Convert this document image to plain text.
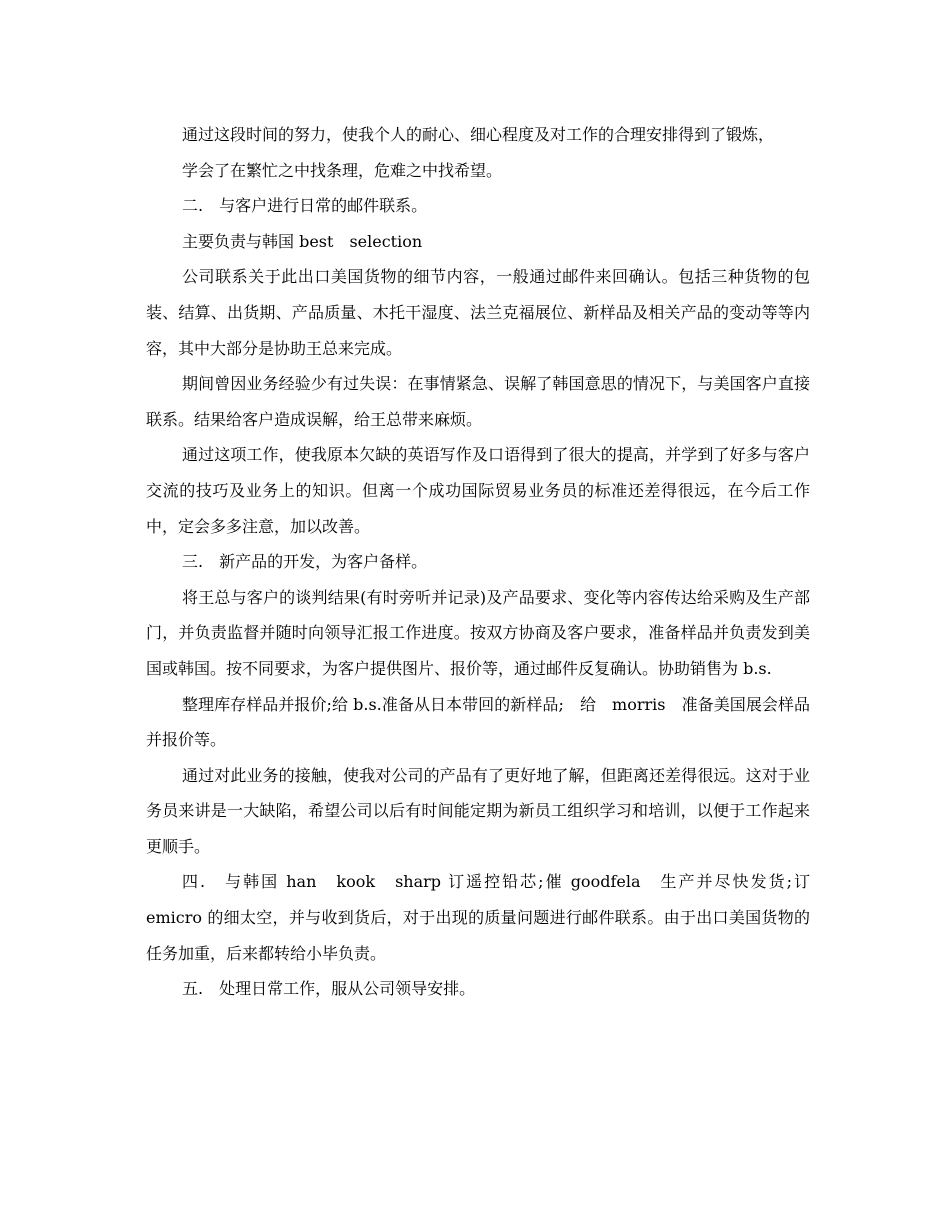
通过这段时间的努力，使我个人的耐心、细心程度及对工作的合理安排得到了锻炼，

学会了在繁忙之中找条理，危难之中找希望。

二.　与客户进行日常的邮件联系。

主要负责与韩国 best　selection

公司联系关于此出口美国货物的细节内容，一般通过邮件来回确认。包括三种货物的包装、结算、出货期、产品质量、木托干湿度、法兰克福展位、新样品及相关产品的变动等等内容，其中大部分是协助王总来完成。

期间曾因业务经验少有过失误：在事情紧急、误解了韩国意思的情况下，与美国客户直接联系。结果给客户造成误解，给王总带来麻烦。

通过这项工作，使我原本欠缺的英语写作及口语得到了很大的提高，并学到了好多与客户交流的技巧及业务上的知识。但离一个成功国际贸易业务员的标准还差得很远，在今后工作中，定会多多注意，加以改善。

三.　新产品的开发，为客户备样。

将王总与客户的谈判结果(有时旁听并记录)及产品要求、变化等内容传达给采购及生产部门，并负责监督并随时向领导汇报工作进度。按双方协商及客户要求，准备样品并负责发到美国或韩国。按不同要求，为客户提供图片、报价等，通过邮件反复确认。协助销售为 b.s.

整理库存样品并报价;给 b.s.准备从日本带回的新样品;　给　morris　准备美国展会样品并报价等。

通过对此业务的接触，使我对公司的产品有了更好地了解，但距离还差得很远。这对于业务员来讲是一大缺陷，希望公司以后有时间能定期为新员工组织学习和培训，以便于工作起来更顺手。

四.　与韩国 han　kook　sharp 订遥控铅芯;催 goodfela　生产并尽快发货;订 emicro 的细太空，并与收到货后，对于出现的质量问题进行邮件联系。由于出口美国货物的任务加重，后来都转给小毕负责。

五.　处理日常工作，服从公司领导安排。
